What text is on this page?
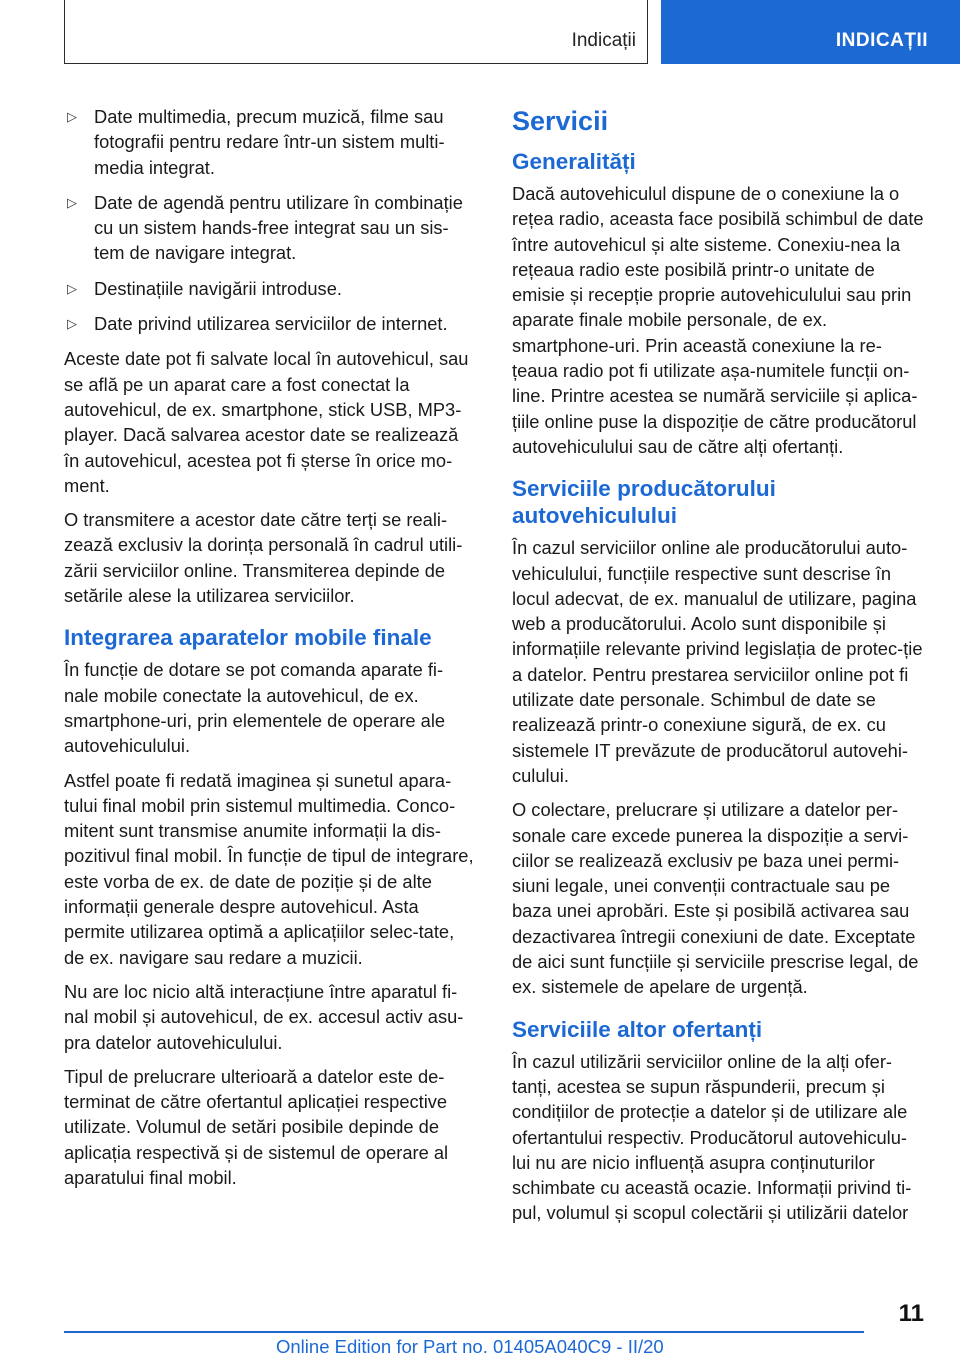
Indicații	INDICAȚII
▷ Date multimedia, precum muzică, filme sau fotografii pentru redare într-un sistem multi-media integrat.

▷ Date de agendă pentru utilizare în combinație cu un sistem hands-free integrat sau un sis-tem de navigare integrat.

▷ Destinațiile navigării introduse.

▷ Date privind utilizarea serviciilor de internet.

Aceste date pot fi salvate local în autovehicul, sau se află pe un aparat care a fost conectat la autovehicul, de ex. smartphone, stick USB, MP3-player. Dacă salvarea acestor date se realizează în autovehicul, acestea pot fi șterse în orice mo-ment.

O transmitere a acestor date către terți se reali-zează exclusiv la dorința personală în cadrul utili-zării serviciilor online. Transmiterea depinde de setările alese la utilizarea serviciilor.

Integrarea aparatelor mobile finale

În funcție de dotare se pot comanda aparate fi-nale mobile conectate la autovehicul, de ex. smartphone-uri, prin elementele de operare ale autovehiculului.

Astfel poate fi redată imaginea și sunetul apara-tului final mobil prin sistemul multimedia. Conco-mitent sunt transmise anumite informații la dis-pozitivul final mobil. În funcție de tipul de integrare, este vorba de ex. de date de poziție și de alte informații generale despre autovehicul. Asta permite utilizarea optimă a aplicațiilor selec-tate, de ex. navigare sau redare a muzicii.

Nu are loc nicio altă interacțiune între aparatul fi-nal mobil și autovehicul, de ex. accesul activ asu-pra datelor autovehiculului.

Tipul de prelucrare ulterioară a datelor este de-terminat de către ofertantul aplicației respective utilizate. Volumul de setări posibile depinde de aplicația respectivă și de sistemul de operare al aparatului final mobil.

Servicii
Generalități

Dacă autovehiculul dispune de o conexiune la o rețea radio, aceasta face posibilă schimbul de date între autovehicul și alte sisteme. Conexiu-nea la rețeaua radio este posibilă printr-o unitate de emisie și recepție proprie autovehiculului sau prin aparate finale mobile personale, de ex. smartphone-uri. Prin această conexiune la re-țeaua radio pot fi utilizate așa-numitele funcții on-line. Printre acestea se numără serviciile și aplica-țiile online puse la dispoziție de către producătorul autovehiculului sau de către alți ofertanți.

Serviciile producătorului autovehiculului

În cazul serviciilor online ale producătorului auto-vehiculului, funcțiile respective sunt descrise în locul adecvat, de ex. manualul de utilizare, pagina web a producătorului. Acolo sunt disponibile și informațiile relevante privind legislația de protec-ție a datelor. Pentru prestarea serviciilor online pot fi utilizate date personale. Schimbul de date se realizează printr-o conexiune sigură, de ex. cu sistemele IT prevăzute de producătorul autovehi-culului.

O colectare, prelucrare și utilizare a datelor per-sonale care excede punerea la dispoziție a servi-ciilor se realizează exclusiv pe baza unei permi-siuni legale, unei convenții contractuale sau pe baza unei aprobări. Este și posibilă activarea sau dezactivarea întregii conexiuni de date. Exceptate de aici sunt funcțiile și serviciile prescrise legal, de ex. sistemele de apelare de urgență.

Serviciile altor ofertanți

În cazul utilizării serviciilor online de la alți ofer-tanți, acestea se supun răspunderii, precum și condițiilor de protecție a datelor și de utilizare ale ofertantului respectiv. Producătorul autovehiculu-lui nu are nicio influență asupra conținuturilor schimbate cu această ocazie. Informații privind ti-pul, volumul și scopul colectării și utilizării datelor

11
Online Edition for Part no. 01405A040C9 - II/20
